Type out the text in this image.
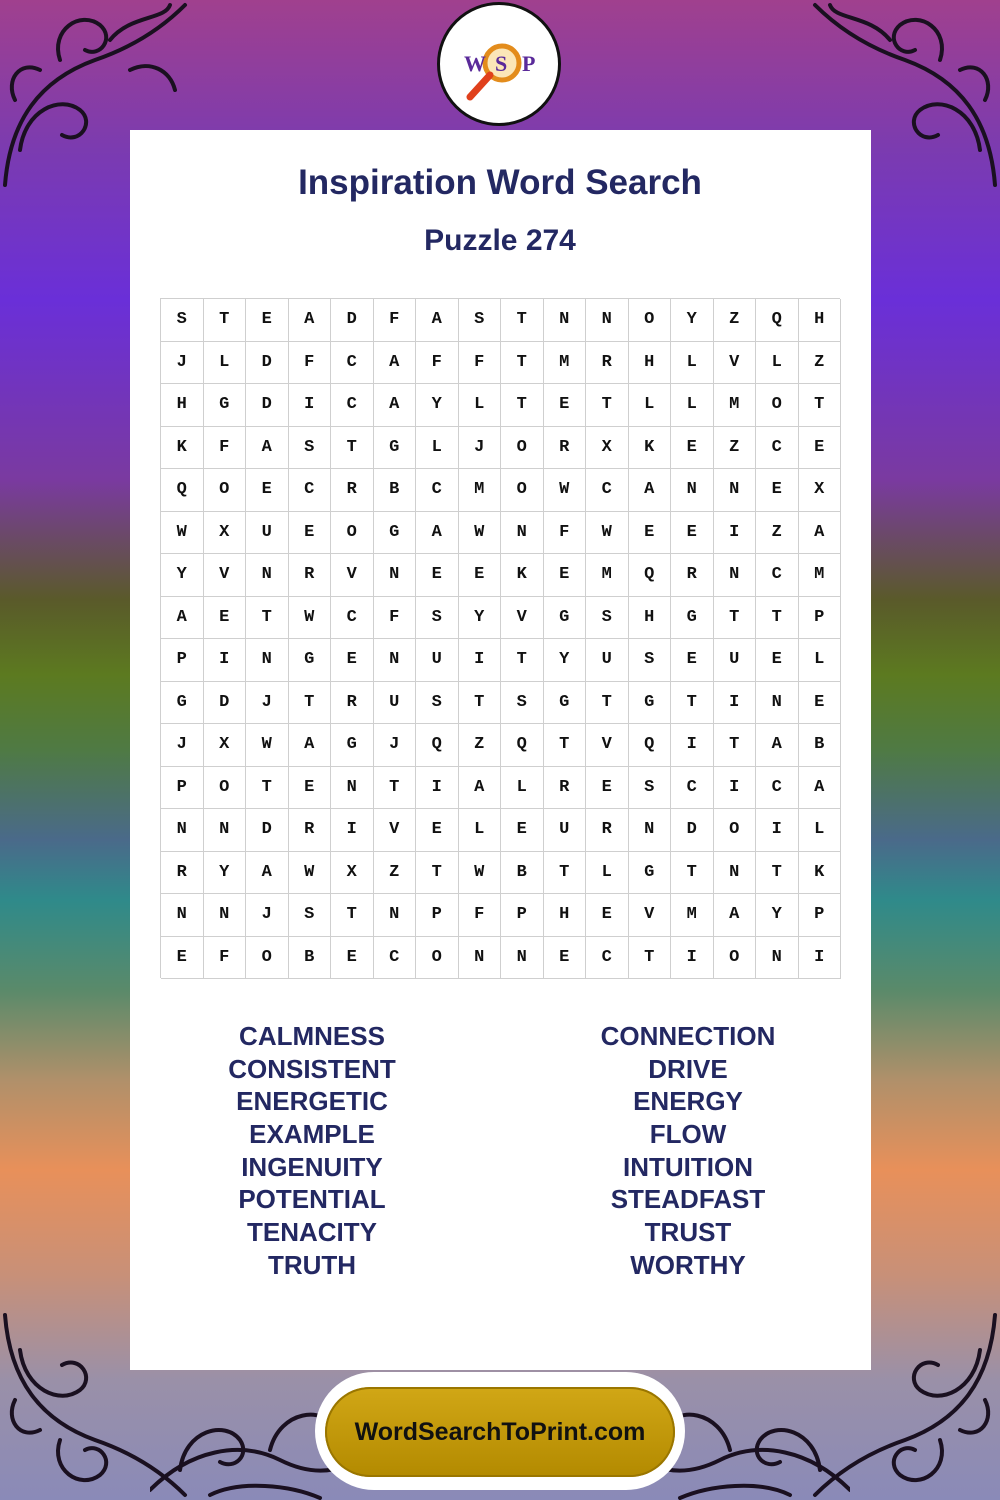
W S P
Inspiration Word Search
Puzzle 274
S	T	E	A	D	F	A	S	T	N	N	O	Y	Z	Q	H
J	L	D	F	C	A	F	F	T	M	R	H	L	V	L	Z
H	G	D	I	C	A	Y	L	T	E	T	L	L	M	O	T
K	F	A	S	T	G	L	J	O	R	X	K	E	Z	C	E
Q	O	E	C	R	B	C	M	O	W	C	A	N	N	E	X
W	X	U	E	O	G	A	W	N	F	W	E	E	I	Z	A
Y	V	N	R	V	N	E	E	K	E	M	Q	R	N	C	M
A	E	T	W	C	F	S	Y	V	G	S	H	G	T	T	P
P	I	N	G	E	N	U	I	T	Y	U	S	E	U	E	L
G	D	J	T	R	U	S	T	S	G	T	G	T	I	N	E
J	X	W	A	G	J	Q	Z	Q	T	V	Q	I	T	A	B
P	O	T	E	N	T	I	A	L	R	E	S	C	I	C	A
N	N	D	R	I	V	E	L	E	U	R	N	D	O	I	L
R	Y	A	W	X	Z	T	W	B	T	L	G	T	N	T	K
N	N	J	S	T	N	P	F	P	H	E	V	M	A	Y	P
E	F	O	B	E	C	O	N	N	E	C	T	I	O	N	I
CALMNESS
CONSISTENT
ENERGETIC
EXAMPLE
INGENUITY
POTENTIAL
TENACITY
TRUTH
CONNECTION
DRIVE
ENERGY
FLOW
INTUITION
STEADFAST
TRUST
WORTHY
WordSearchToPrint.com
